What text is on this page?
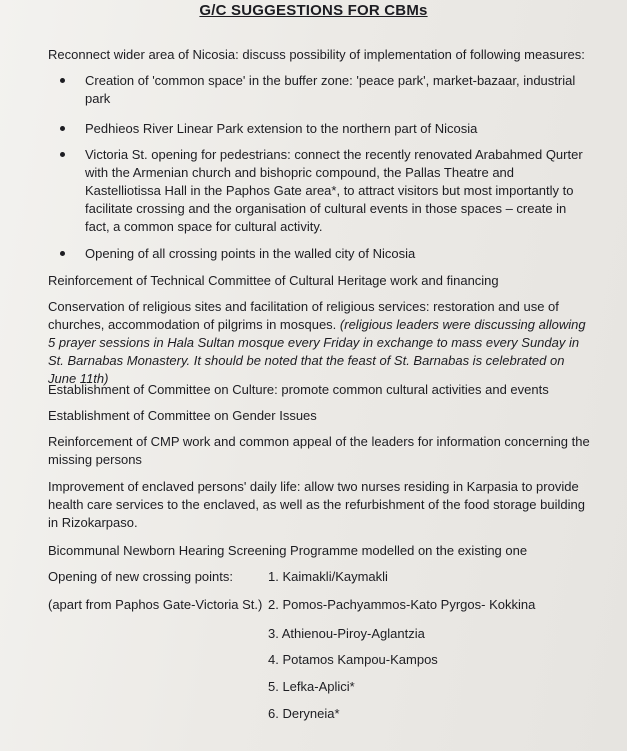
G/C SUGGESTIONS FOR CBMs
Reconnect wider area of Nicosia: discuss possibility of implementation of following measures:
Creation of 'common space' in the buffer zone: 'peace park', market-bazaar, industrial park
Pedhieos River Linear Park extension to the northern part of Nicosia
Victoria St. opening for pedestrians: connect the recently renovated Arabahmed Qurter with the Armenian church and bishopric compound, the Pallas Theatre and Kastelliotissa Hall in the Paphos Gate area*, to attract visitors but most importantly to facilitate crossing and the organisation of cultural events in those spaces – create in fact, a common space for cultural activity.
Opening of all crossing points in the walled city of Nicosia
Reinforcement of Technical Committee of Cultural Heritage work and financing
Conservation of religious sites and facilitation of religious services: restoration and use of churches, accommodation of pilgrims in mosques. (religious leaders were discussing allowing 5 prayer sessions in Hala Sultan mosque every Friday in exchange to mass every Sunday in St. Barnabas Monastery. It should be noted that the feast of St. Barnabas is celebrated on June 11th)
Establishment of Committee on Culture: promote common cultural activities and events
Establishment of Committee on Gender Issues
Reinforcement of CMP work and common appeal of the leaders for information concerning the missing persons
Improvement of enclaved persons' daily life: allow two nurses residing in Karpasia to provide health care services to the enclaved, as well as the refurbishment of the food storage building in Rizokarpaso.
Bicommunal Newborn Hearing Screening Programme modelled on the existing one
Opening of new crossing points:
(apart from Paphos Gate-Victoria St.)
1. Kaimakli/Kaymakli
2. Pomos-Pachyammos-Kato Pyrgos- Kokkina
3. Athienou-Piroy-Aglantzia
4. Potamos Kampou-Kampos
5. Lefka-Aplici*
6. Deryneia*
